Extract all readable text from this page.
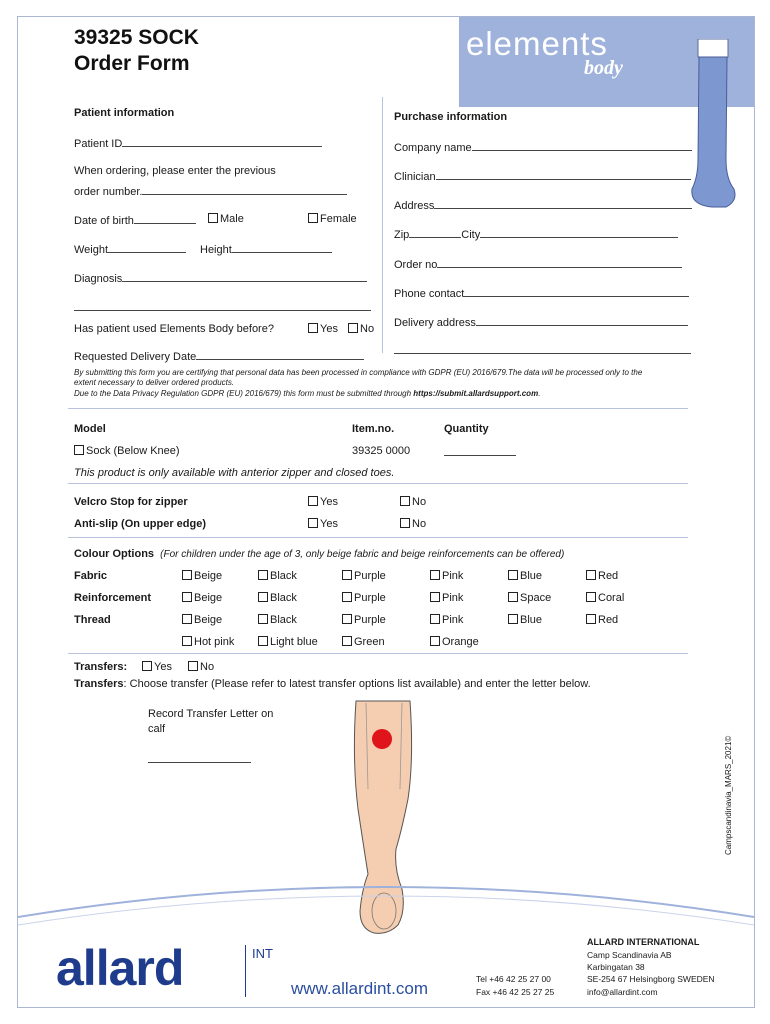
elements
body
39325 SOCK
Order Form
Patient information
Patient ID
When ordering, please enter the previous
order number.
Date of birth	Male	Female
Weight	Height
Diagnosis
Has patient used Elements Body before?	Yes	No
Requested Delivery Date
Purchase information
Company name
Clinician
Address
Zip	City
Order no
Phone contact
Delivery address
By submitting this form you are certifying that personal data has been processed in compliance with GDPR (EU) 2016/679.The data will be processed only to the
extent necessary to deliver ordered products.
Due to the Data Privacy Regulation GDPR (EU) 2016/679) this form must be submitted through https://submit.allardsupport.com.
Model	Item.no.	Quantity
Sock (Below Knee)	39325 0000
This product is only available with anterior zipper and closed toes.
Velcro Stop for zipper	Yes	No
Anti-slip (On upper edge)	Yes	No
Colour Options (For children under the age of 3, only beige fabric and beige reinforcements can be offered)
Fabric	Beige	Black	Purple	Pink	Blue	Red
Reinforcement	Beige	Black	Purple	Pink	Space	Coral
Thread	Beige	Black	Purple	Pink	Blue	Red
Hot pink	Light blue	Green	Orange
Transfers:	Yes	No
Transfers: Choose transfer (Please refer to latest transfer options list available) and enter the letter below.
Record Transfer Letter on
calf
Campscandinavia_MARS_2021©
allard	INT
www.allardint.com	Tel +46 42 25 27 00
Fax +46 42 25 27 25
ALLARD INTERNATIONAL
Camp Scandinavia AB
Karbingatan 38
SE-254 67 Helsingborg SWEDEN
info@allardint.com
